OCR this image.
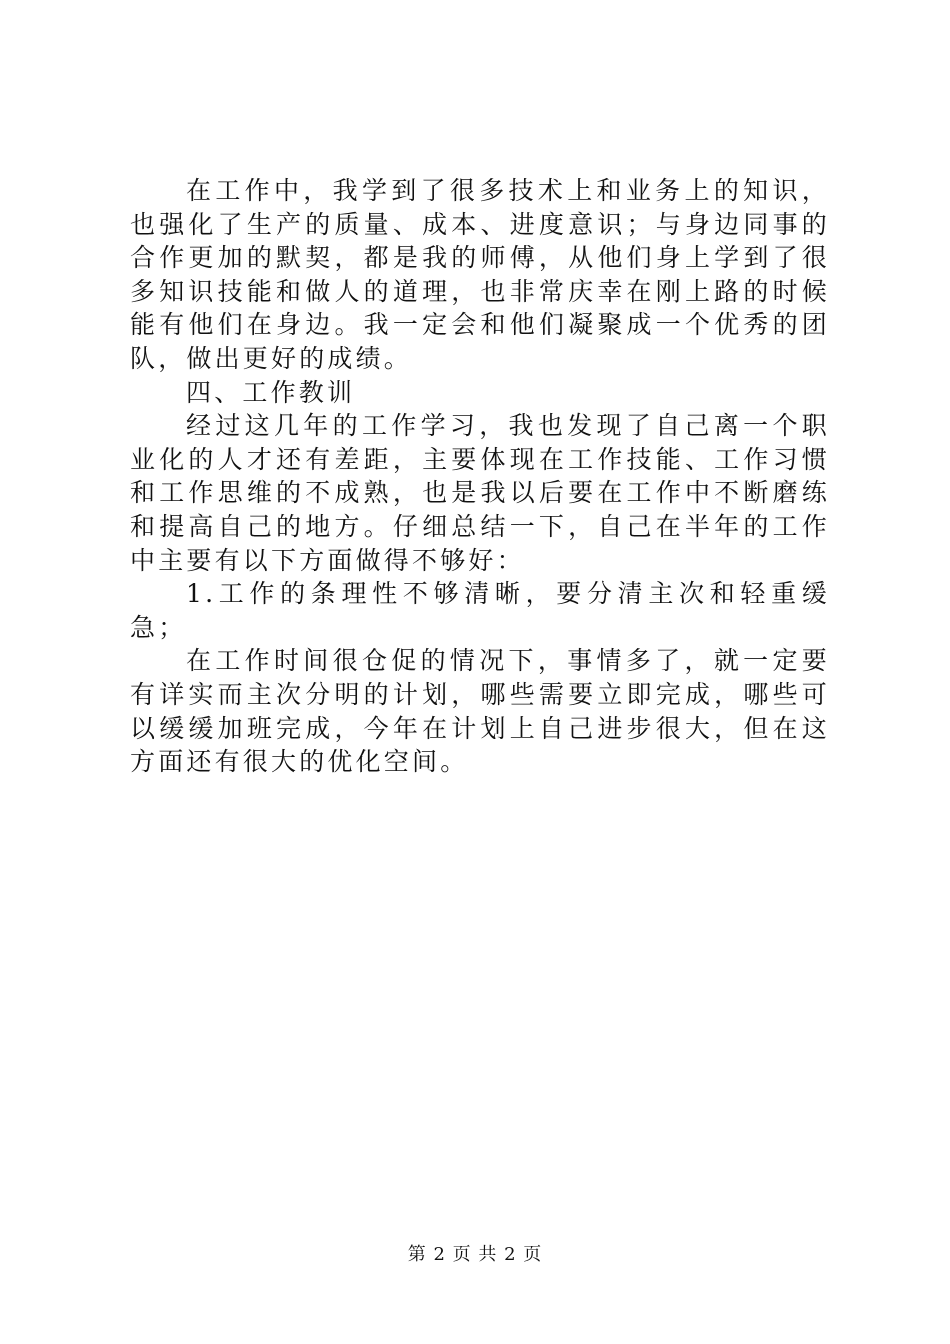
在工作中，我学到了很多技术上和业务上的知识，也强化了生产的质量、成本、进度意识；与身边同事的合作更加的默契，都是我的师傅，从他们身上学到了很多知识技能和做人的道理，也非常庆幸在刚上路的时候能有他们在身边。我一定会和他们凝聚成一个优秀的团队，做出更好的成绩。

四、工作教训

经过这几年的工作学习，我也发现了自己离一个职业化的人才还有差距，主要体现在工作技能、工作习惯和工作思维的不成熟，也是我以后要在工作中不断磨练和提高自己的地方。仔细总结一下，自己在半年的工作中主要有以下方面做得不够好：

1.工作的条理性不够清晰，要分清主次和轻重缓急；

在工作时间很仓促的情况下，事情多了，就一定要有详实而主次分明的计划，哪些需要立即完成，哪些可以缓缓加班完成，今年在计划上自己进步很大，但在这方面还有很大的优化空间。

第 2 页 共 2 页
